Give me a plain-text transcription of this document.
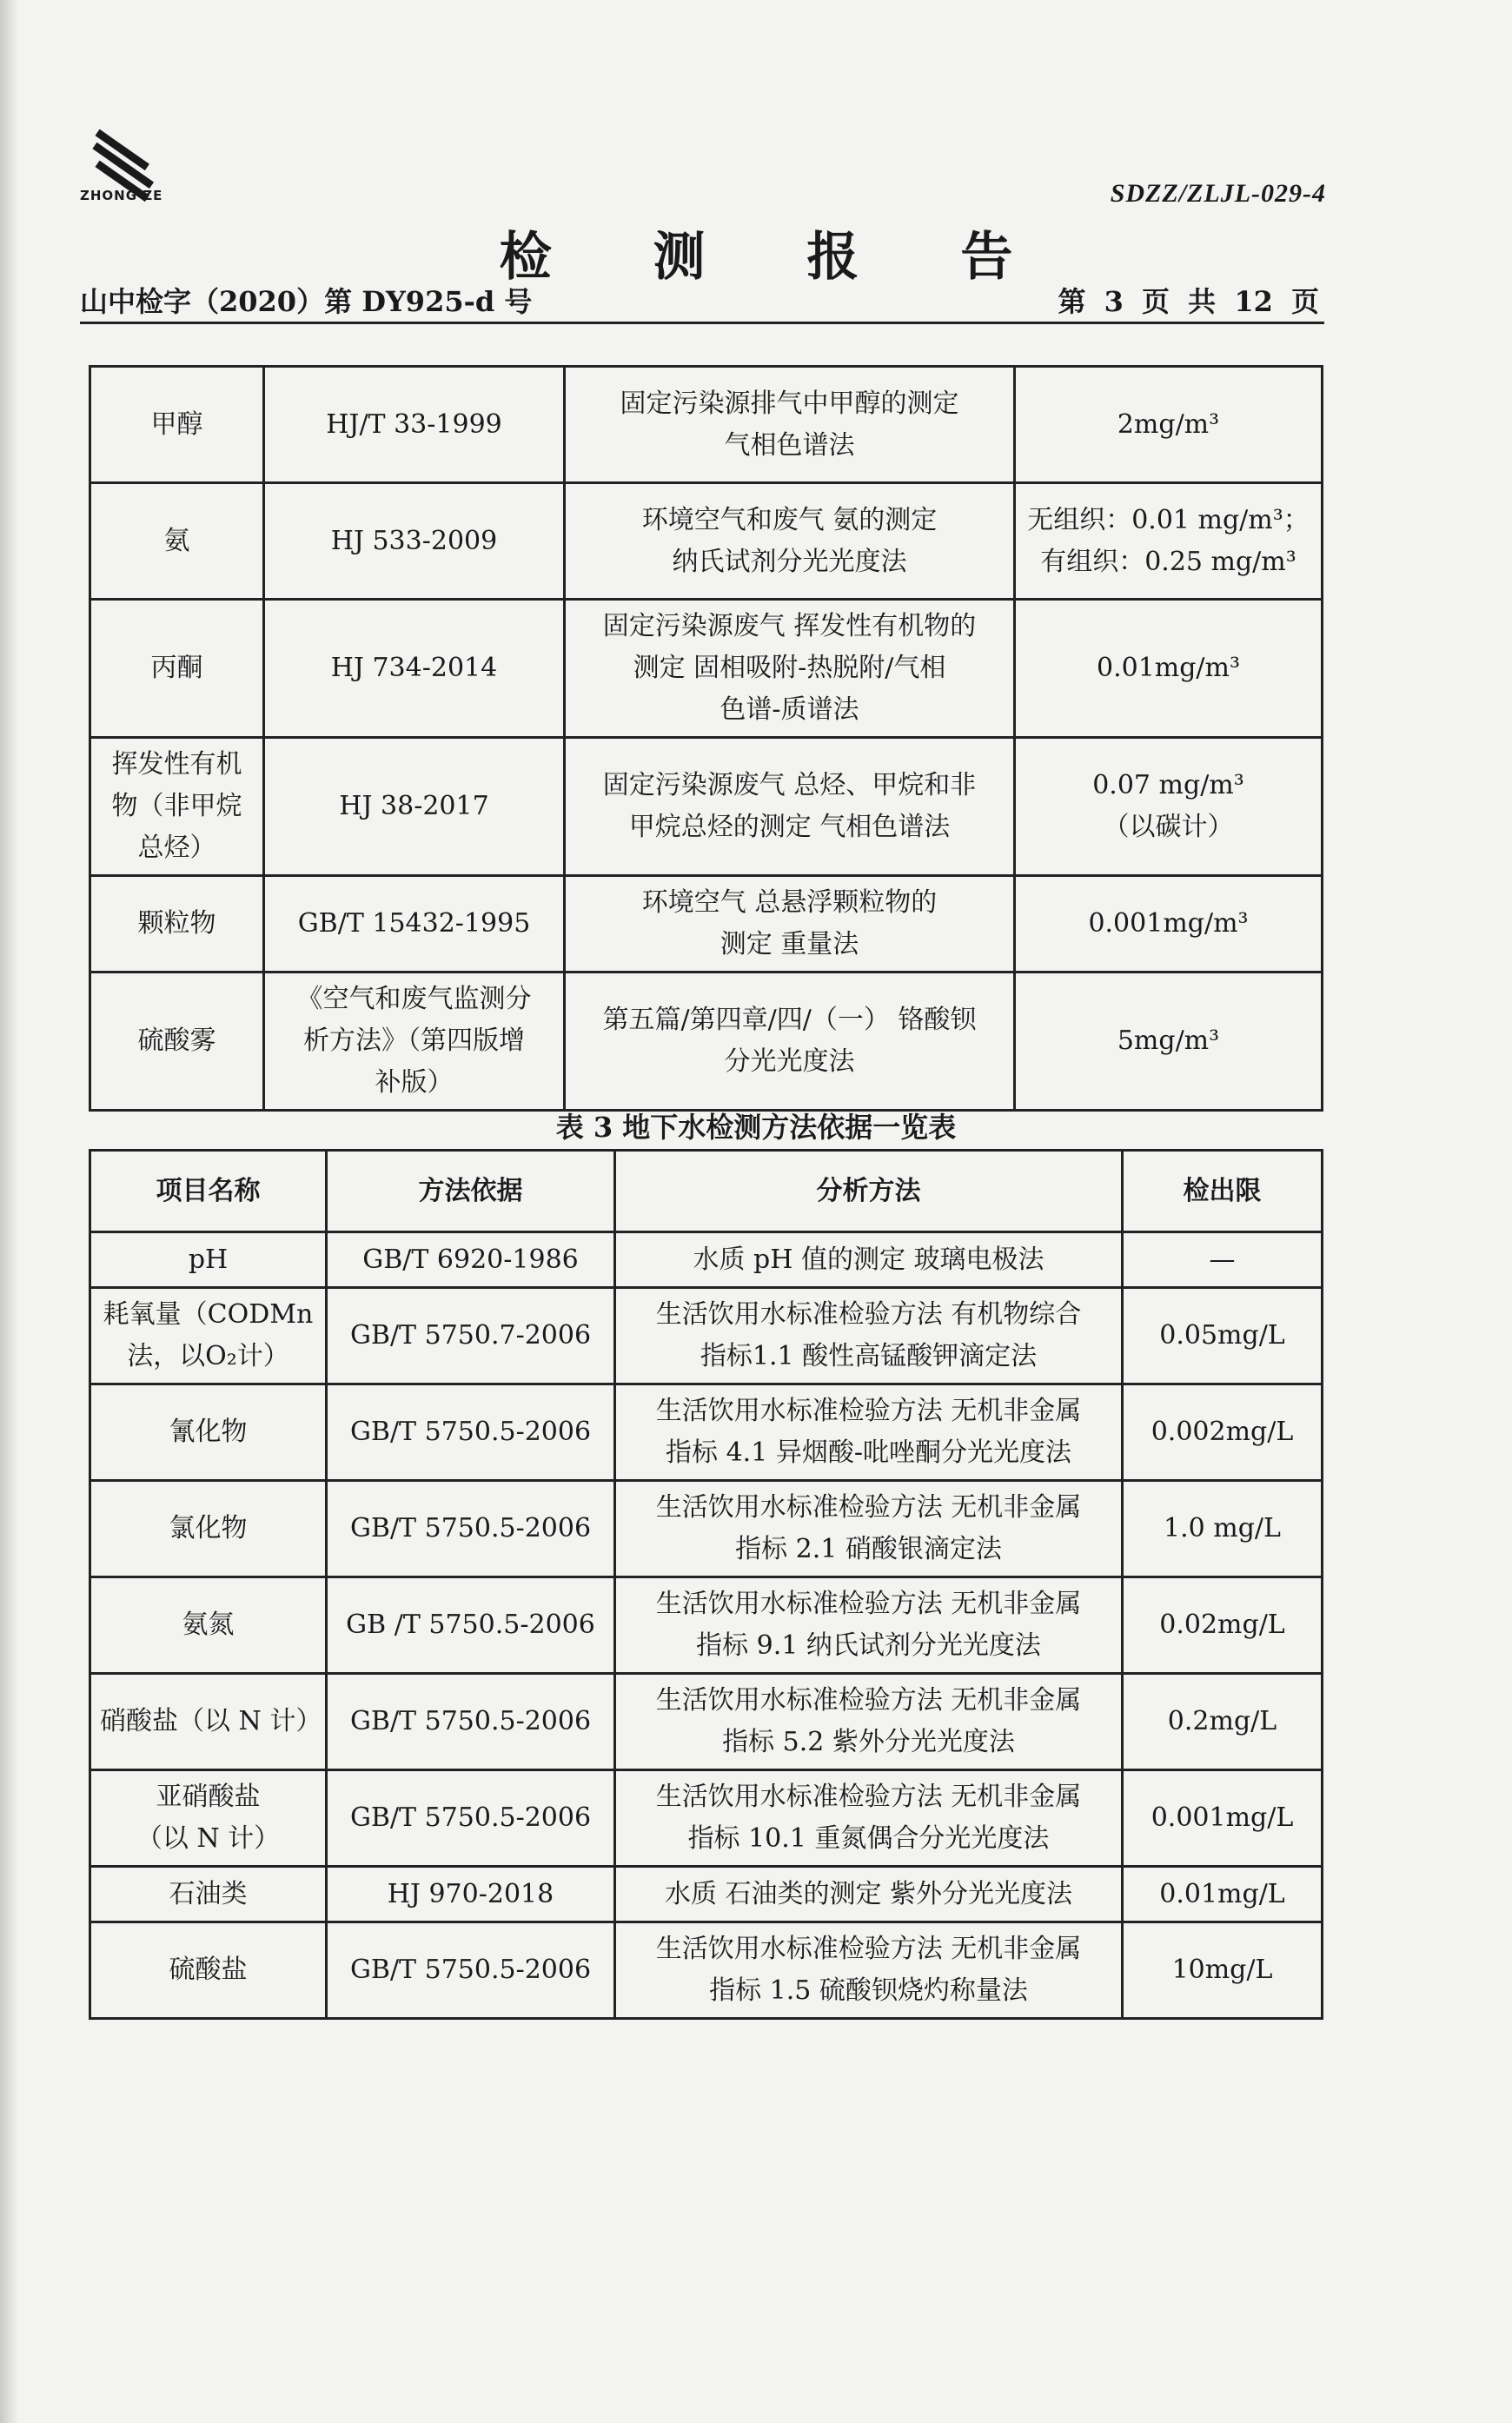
ZHONG ZE	SDZZ/ZLJL-029-4
检 测 报 告
山中检字（2020）第 DY925-d 号	第 3 页 共 12 页
甲醇	HJ/T 33-1999	固定污染源排气中甲醇的测定
气相色谱法	2mg/m³

氨	HJ 533-2009	环境空气和废气 氨的测定
纳氏试剂分光光度法	无组织：0.01 mg/m³；
有组织：0.25 mg/m³

丙酮	HJ 734-2014	固定污染源废气 挥发性有机物的
测定 固相吸附-热脱附/气相
色谱-质谱法	0.01mg/m³

挥发性有机
物（非甲烷
总烃）	HJ 38-2017	固定污染源废气 总烃、甲烷和非
甲烷总烃的测定 气相色谱法	0.07 mg/m³
（以碳计）

颗粒物	GB/T 15432-1995	环境空气 总悬浮颗粒物的
测定 重量法	0.001mg/m³

硫酸雾	《空气和废气监测分
析方法》（第四版增
补版）	第五篇/第四章/四/（一） 铬酸钡
分光光度法	5mg/m³
表 3 地下水检测方法依据一览表
项目名称	方法依据	分析方法	检出限

pH	GB/T 6920-1986	水质 pH 值的测定 玻璃电极法	—

耗氧量（CODMn
法，以O₂计）	GB/T 5750.7-2006	生活饮用水标准检验方法 有机物综合
指标1.1 酸性高锰酸钾滴定法	0.05mg/L

氰化物	GB/T 5750.5-2006	生活饮用水标准检验方法 无机非金属
指标 4.1 异烟酸-吡唑酮分光光度法	0.002mg/L

氯化物	GB/T 5750.5-2006	生活饮用水标准检验方法 无机非金属
指标 2.1 硝酸银滴定法	1.0 mg/L

氨氮	GB /T 5750.5-2006	生活饮用水标准检验方法 无机非金属
指标 9.1 纳氏试剂分光光度法	0.02mg/L

硝酸盐（以 N 计）	GB/T 5750.5-2006	生活饮用水标准检验方法 无机非金属
指标 5.2 紫外分光光度法	0.2mg/L

亚硝酸盐
（以 N 计）	GB/T 5750.5-2006	生活饮用水标准检验方法 无机非金属
指标 10.1 重氮偶合分光光度法	0.001mg/L

石油类	HJ 970-2018	水质 石油类的测定 紫外分光光度法	0.01mg/L

硫酸盐	GB/T 5750.5-2006	生活饮用水标准检验方法 无机非金属
指标 1.5 硫酸钡烧灼称量法	10mg/L
